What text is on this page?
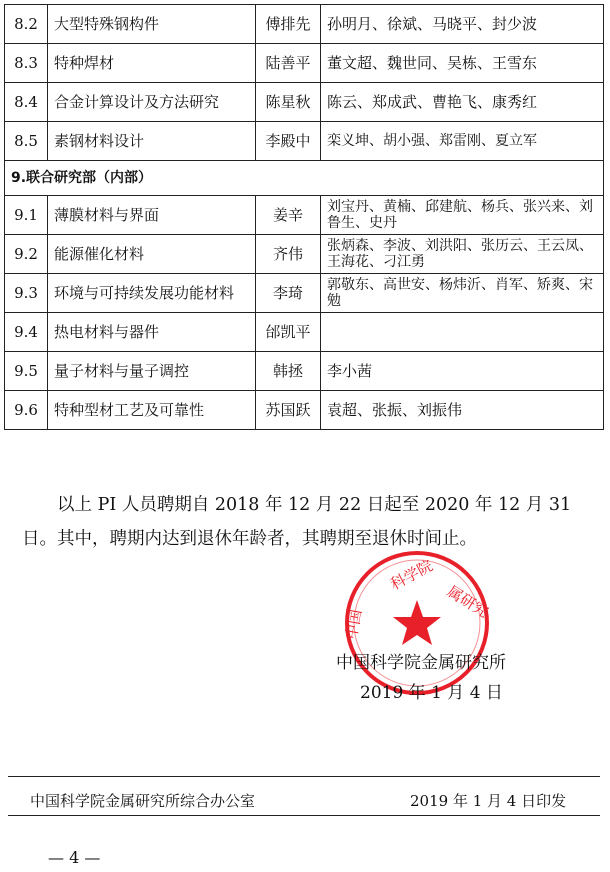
8.2	大型特殊钢构件	傅排先	孙明月、徐斌、马晓平、封少波
8.3	特种焊材	陆善平	董文超、魏世同、吴栋、王雪东
8.4	合金计算设计及方法研究	陈星秋	陈云、郑成武、曹艳飞、康秀红
8.5	素钢材料设计	李殿中	栾义坤、胡小强、郑雷刚、夏立军
9.联合研究部（内部）			
9.1	薄膜材料与界面	姜辛	刘宝丹、黄楠、邱建航、杨兵、张兴来、刘鲁生、史丹
9.2	能源催化材料	齐伟	张炳森、李波、刘洪阳、张历云、王云凤、王海花、刁江勇
9.3	环境与可持续发展功能材料	李琦	郭敬东、高世安、杨炜沂、肖军、矫爽、宋勉
9.4	热电材料与器件	邰凯平	
9.5	量子材料与量子调控	韩拯	李小茜
9.6	特种型材工艺及可靠性	苏国跃	袁超、张振、刘振伟
以上 PI 人员聘期自 2018 年 12 月 22 日起至 2020 年 12 月 31 日。其中，聘期内达到退休年龄者，其聘期至退休时间止。
科学院
属研究
中国
中国科学院金属研究所
2019 年 1 月 4 日
中国科学院金属研究所综合办公室	2019 年 1 月 4 日印发
— 4 —
